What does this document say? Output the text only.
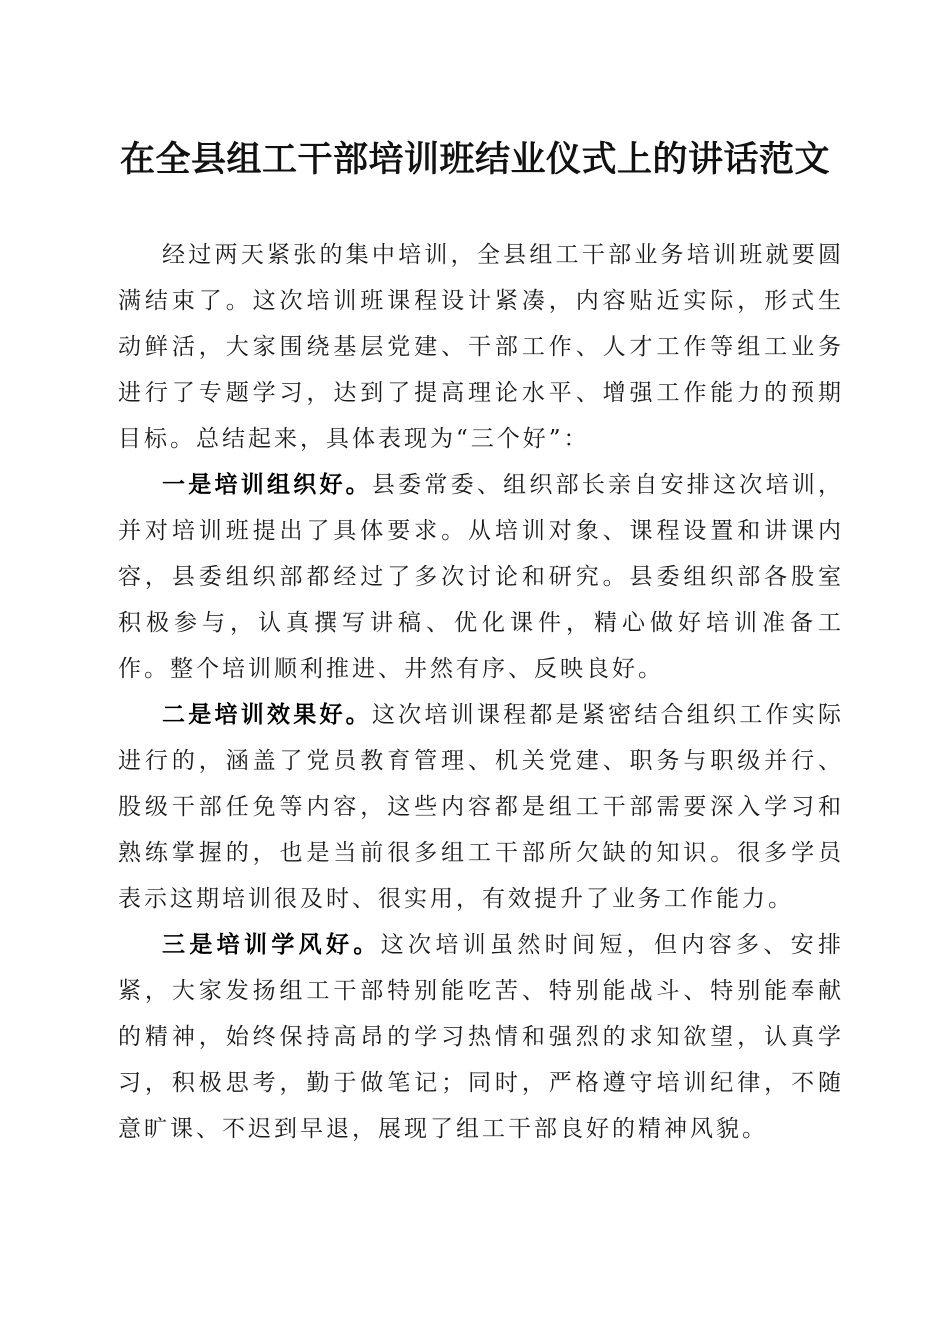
在全县组工干部培训班结业仪式上的讲话范文

经过两天紧张的集中培训，全县组工干部业务培训班就要圆满结束了。这次培训班课程设计紧凑，内容贴近实际，形式生动鲜活，大家围绕基层党建、干部工作、人才工作等组工业务进行了专题学习，达到了提高理论水平、增强工作能力的预期目标。总结起来，具体表现为“三个好”：

一是培训组织好。县委常委、组织部长亲自安排这次培训，并对培训班提出了具体要求。从培训对象、课程设置和讲课内容，县委组织部都经过了多次讨论和研究。县委组织部各股室积极参与，认真撰写讲稿、优化课件，精心做好培训准备工作。整个培训顺利推进、井然有序、反映良好。

二是培训效果好。这次培训课程都是紧密结合组织工作实际进行的，涵盖了党员教育管理、机关党建、职务与职级并行、股级干部任免等内容，这些内容都是组工干部需要深入学习和熟练掌握的，也是当前很多组工干部所欠缺的知识。很多学员表示这期培训很及时、很实用，有效提升了业务工作能力。

三是培训学风好。这次培训虽然时间短，但内容多、安排紧，大家发扬组工干部特别能吃苦、特别能战斗、特别能奉献的精神，始终保持高昂的学习热情和强烈的求知欲望，认真学习，积极思考，勤于做笔记；同时，严格遵守培训纪律，不随意旷课、不迟到早退，展现了组工干部良好的精神风貌。
